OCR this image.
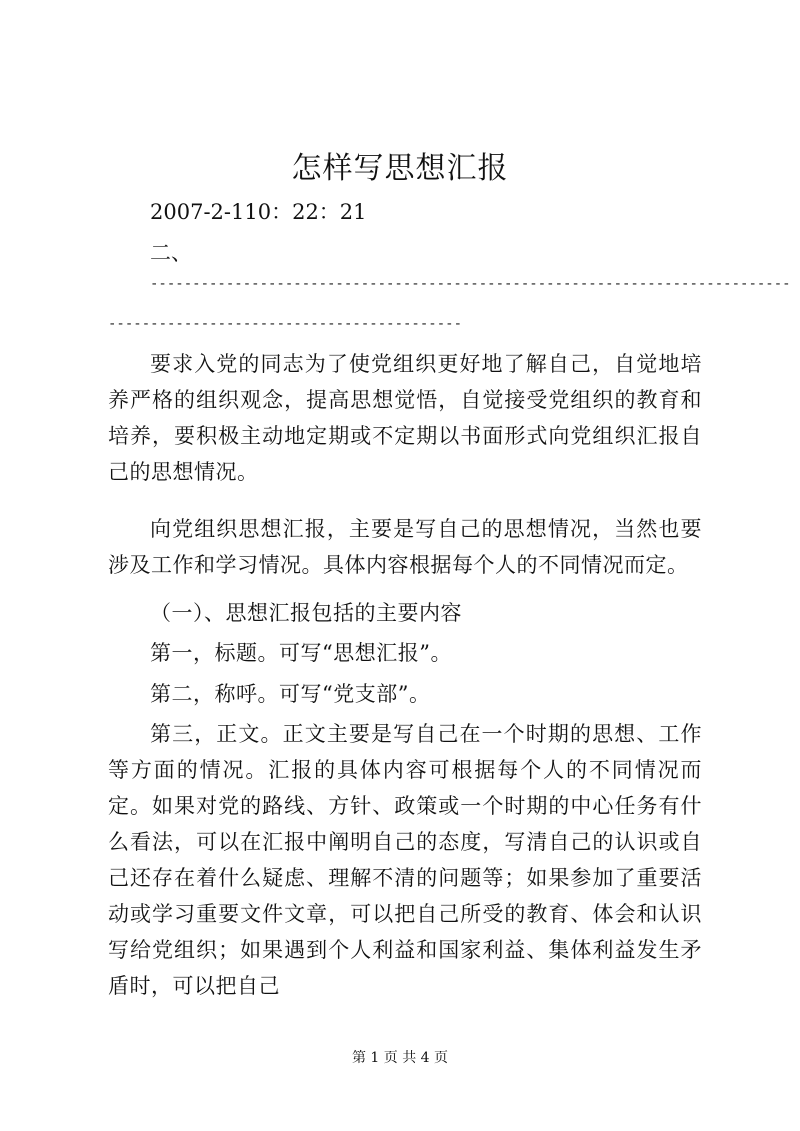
怎样写思想汇报
2007-2-110：22：21
二、
----------------------------------------------------------------------------
------------------------------------------
要求入党的同志为了使党组织更好地了解自己，自觉地培养严格的组织观念，提高思想觉悟，自觉接受党组织的教育和培养，要积极主动地定期或不定期以书面形式向党组织汇报自己的思想情况。
向党组织思想汇报，主要是写自己的思想情况，当然也要涉及工作和学习情况。具体内容根据每个人的不同情况而定。
（一）、思想汇报包括的主要内容
第一，标题。可写“思想汇报”。
第二，称呼。可写“党支部”。
第三，正文。正文主要是写自己在一个时期的思想、工作等方面的情况。汇报的具体内容可根据每个人的不同情况而定。如果对党的路线、方针、政策或一个时期的中心任务有什么看法，可以在汇报中阐明自己的态度，写清自己的认识或自己还存在着什么疑虑、理解不清的问题等；如果参加了重要活动或学习重要文件文章，可以把自己所受的教育、体会和认识写给党组织；如果遇到个人利益和国家利益、集体利益发生矛盾时，可以把自己
第 1 页 共 4 页
